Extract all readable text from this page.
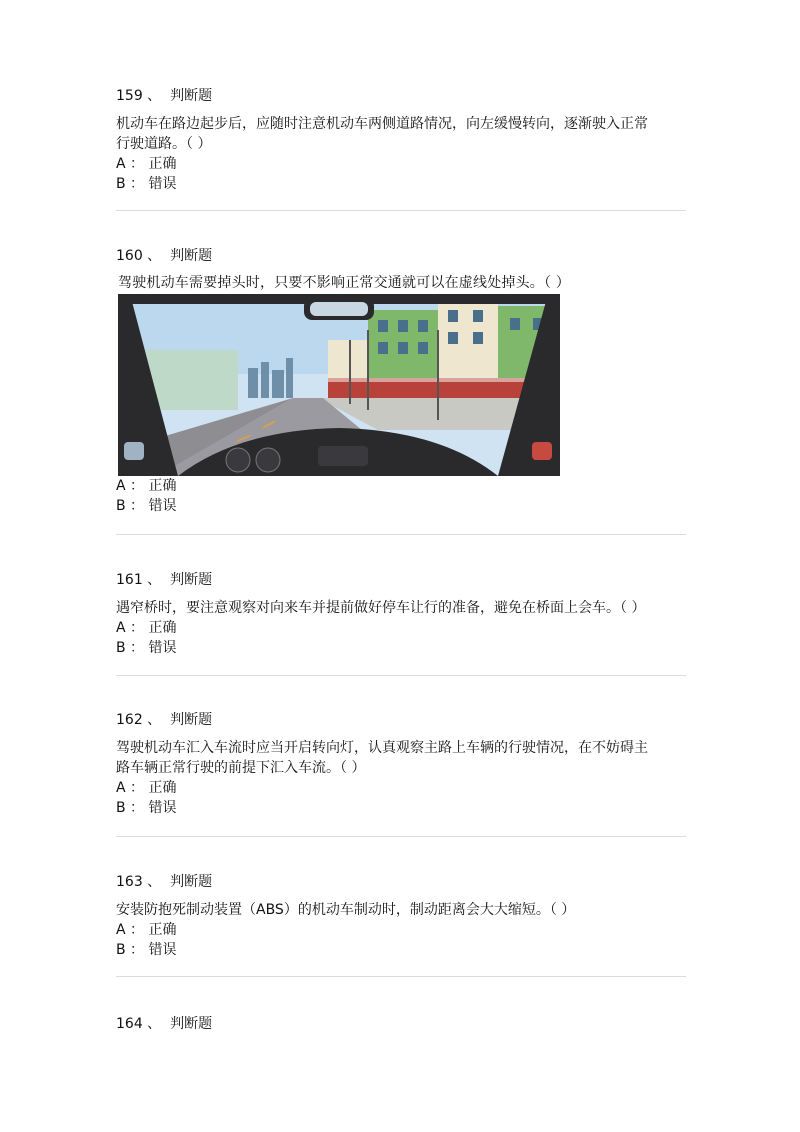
159 、 判断题
机动车在路边起步后，应随时注意机动车两侧道路情况，向左缓慢转向，逐渐驶入正常
行驶道路。（ ）
A ： 正确
B ： 错误
160 、 判断题
驾驶机动车需要掉头时，只要不影响正常交通就可以在虚线处掉头。（ ）
A ： 正确
B ： 错误
161 、 判断题
遇窄桥时，要注意观察对向来车并提前做好停车让行的准备，避免在桥面上会车。（ ）
A ： 正确
B ： 错误
162 、 判断题
驾驶机动车汇入车流时应当开启转向灯，认真观察主路上车辆的行驶情况，在不妨碍主
路车辆正常行驶的前提下汇入车流。（ ）
A ： 正确
B ： 错误
163 、 判断题
安装防抱死制动装置（ABS）的机动车制动时，制动距离会大大缩短。（ ）
A ： 正确
B ： 错误
164 、 判断题
